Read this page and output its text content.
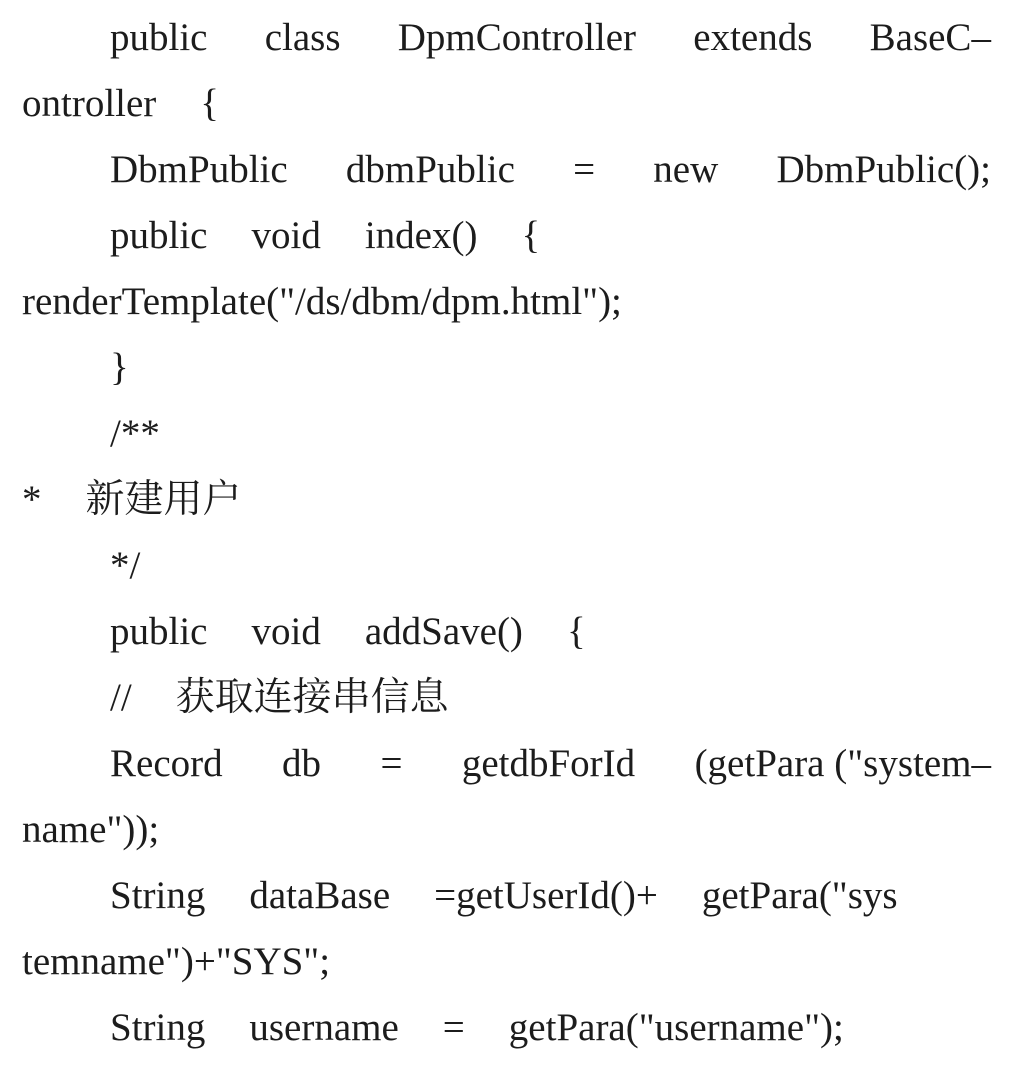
public class DpmController extends BaseC–
ontroller {
DbmPublic dbmPublic = new DbmPublic();
public void index() {
renderTemplate("/ds/dbm/dpm.html");
}
/**
* 新建用户
*/
public void addSave() {
// 获取连接串信息
Record db = getdbForId (getPara ("system–
name"));
String dataBase =getUserId()+ getPara("sys
temname")+"SYS";
String username = getPara("username");
